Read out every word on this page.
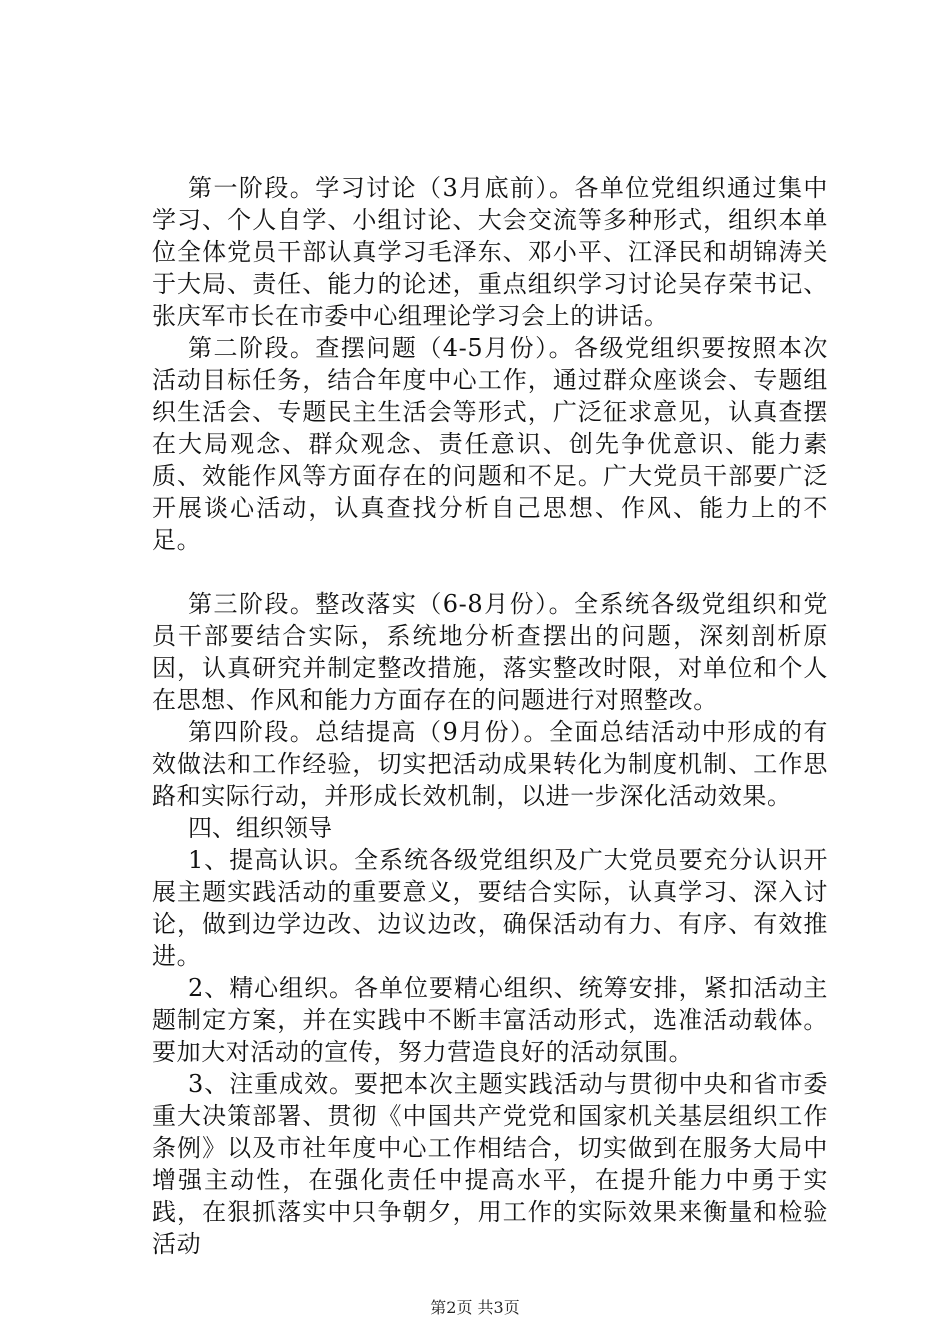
第一阶段。学习讨论（3月底前）。各单位党组织通过集中学习、个人自学、小组讨论、大会交流等多种形式，组织本单位全体党员干部认真学习毛泽东、邓小平、江泽民和胡锦涛关于大局、责任、能力的论述，重点组织学习讨论吴存荣书记、张庆军市长在市委中心组理论学习会上的讲话。

第二阶段。查摆问题（4-5月份）。各级党组织要按照本次活动目标任务，结合年度中心工作，通过群众座谈会、专题组织生活会、专题民主生活会等形式，广泛征求意见，认真查摆在大局观念、群众观念、责任意识、创先争优意识、能力素质、效能作风等方面存在的问题和不足。广大党员干部要广泛开展谈心活动，认真查找分析自己思想、作风、能力上的不足。

第三阶段。整改落实（6-8月份）。全系统各级党组织和党员干部要结合实际，系统地分析查摆出的问题，深刻剖析原因，认真研究并制定整改措施，落实整改时限，对单位和个人在思想、作风和能力方面存在的问题进行对照整改。

第四阶段。总结提高（9月份）。全面总结活动中形成的有效做法和工作经验，切实把活动成果转化为制度机制、工作思路和实际行动，并形成长效机制，以进一步深化活动效果。

四、组织领导

1、提高认识。全系统各级党组织及广大党员要充分认识开展主题实践活动的重要意义，要结合实际，认真学习、深入讨论，做到边学边改、边议边改，确保活动有力、有序、有效推进。

2、精心组织。各单位要精心组织、统筹安排，紧扣活动主题制定方案，并在实践中不断丰富活动形式，选准活动载体。要加大对活动的宣传，努力营造良好的活动氛围。

3、注重成效。要把本次主题实践活动与贯彻中央和省市委重大决策部署、贯彻《中国共产党党和国家机关基层组织工作条例》以及市社年度中心工作相结合，切实做到在服务大局中增强主动性，在强化责任中提高水平，在提升能力中勇于实践，在狠抓落实中只争朝夕，用工作的实际效果来衡量和检验活动

第2页 共3页
